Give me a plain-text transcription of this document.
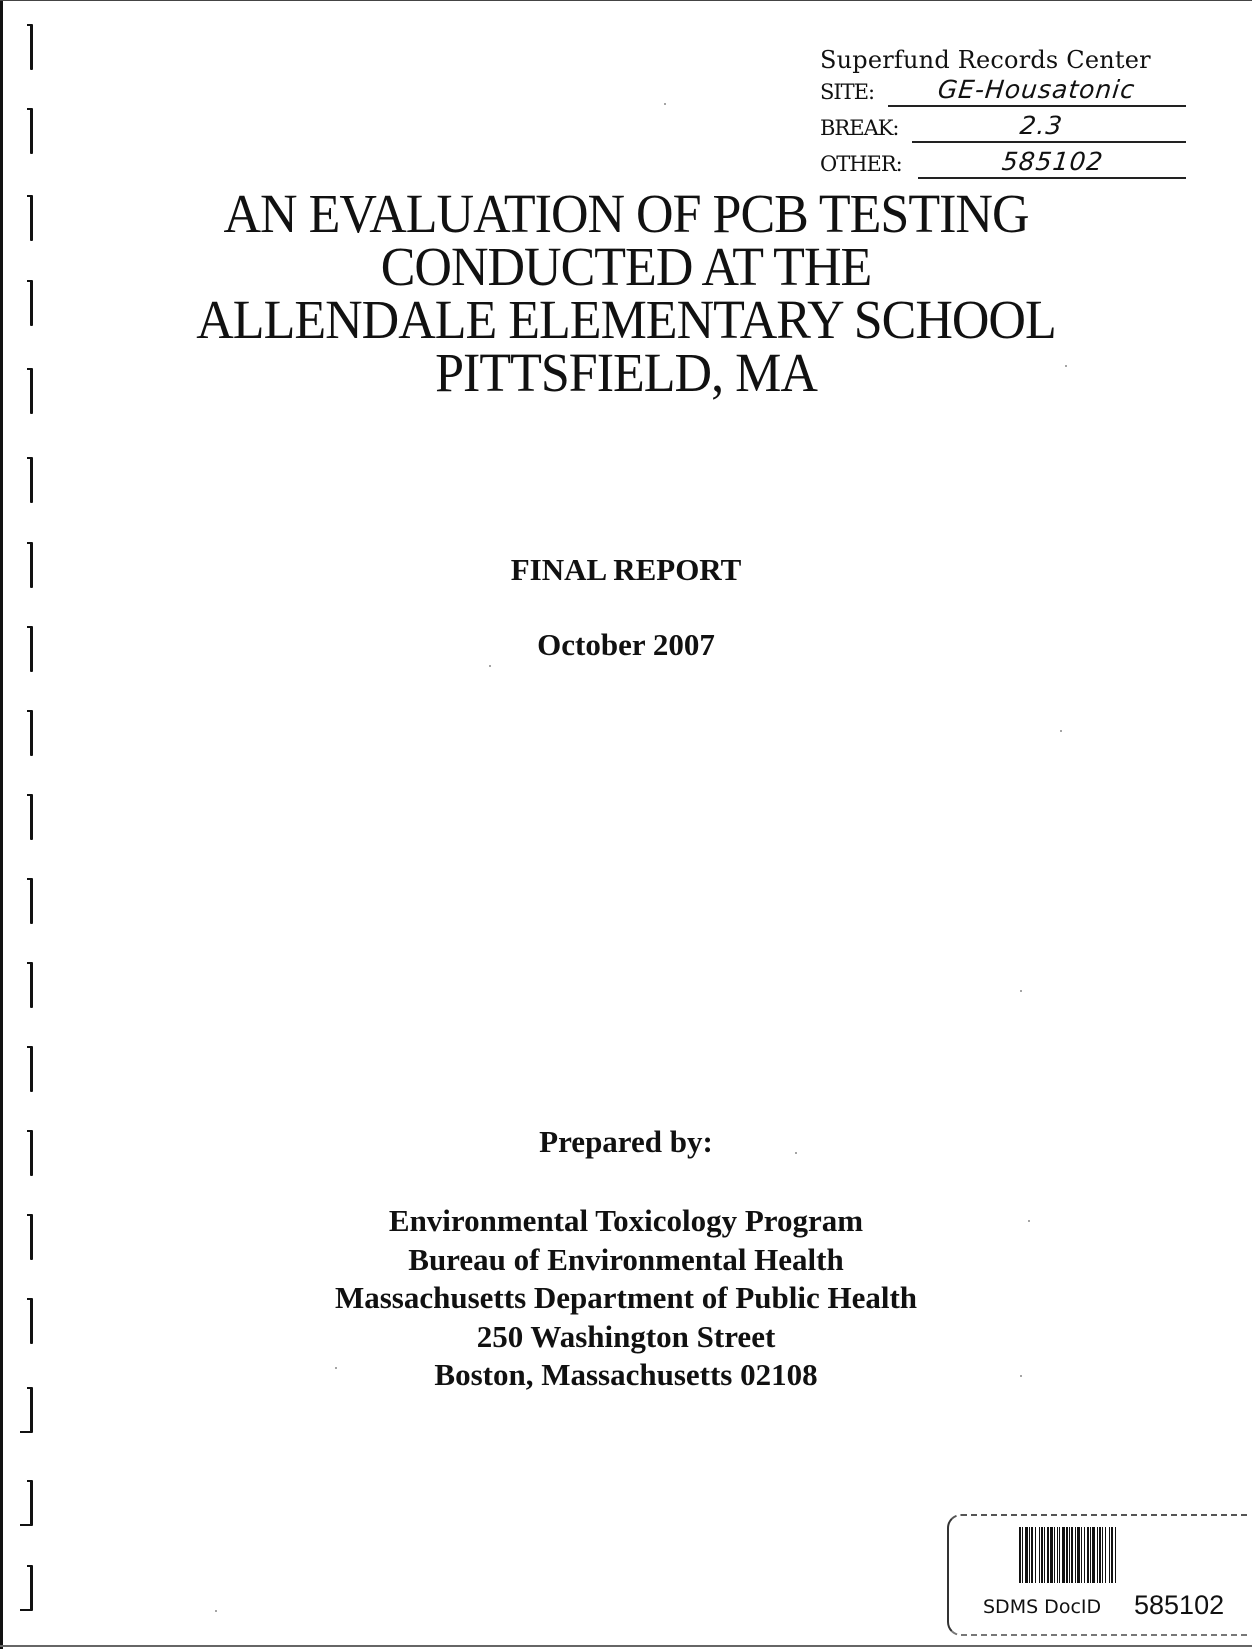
Superfund Records Center
SITE: GE-Housatonic
BREAK:	2.3
OTHER:	585102
AN EVALUATION OF PCB TESTING
CONDUCTED AT THE
ALLENDALE ELEMENTARY SCHOOL
PITTSFIELD, MA
FINAL REPORT
October 2007
Prepared by:
Environmental Toxicology Program
Bureau of Environmental Health
Massachusetts Department of Public Health
250 Washington Street
Boston, Massachusetts 02108
SDMS DocID 585102
